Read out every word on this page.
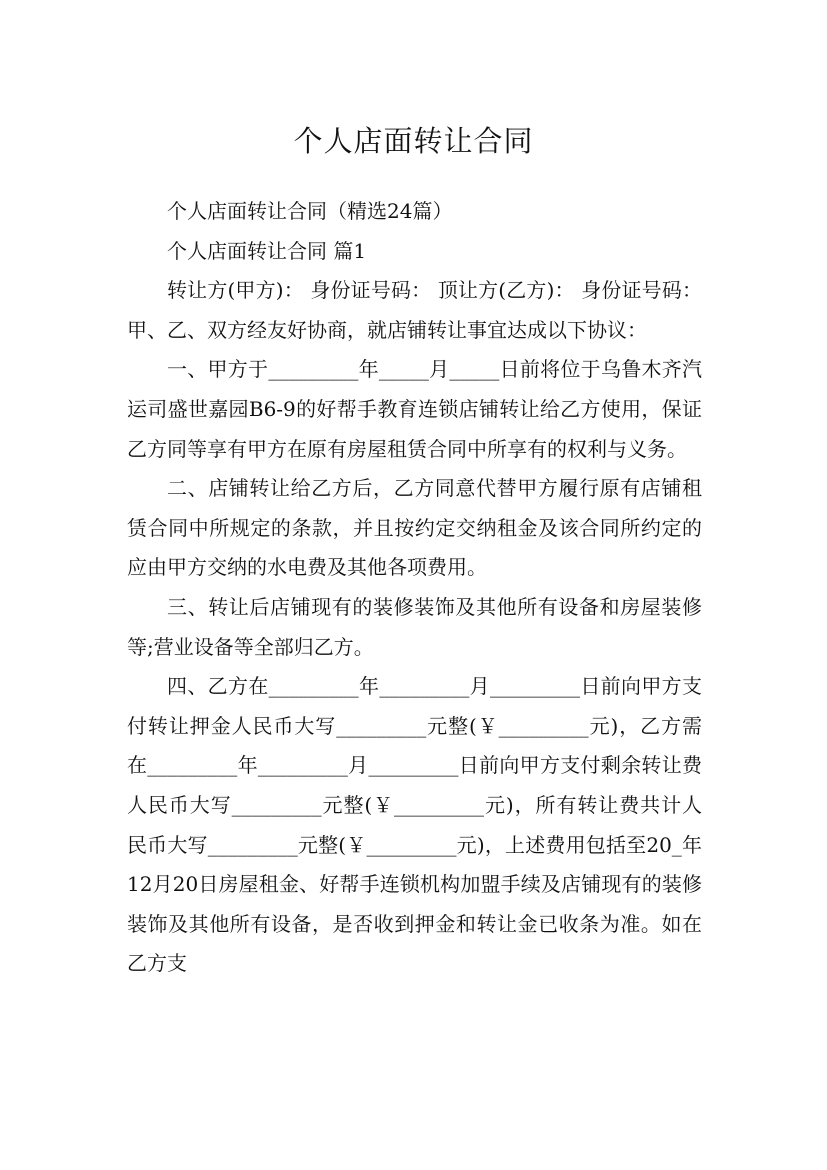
个人店面转让合同

个人店面转让合同（精选24篇）

个人店面转让合同 篇1

转让方(甲方)： 身份证号码： 顶让方(乙方)： 身份证号码： 甲、乙、双方经友好协商，就店铺转让事宜达成以下协议：

一、甲方于_________年_____月_____日前将位于乌鲁木齐汽运司盛世嘉园B6-9的好帮手教育连锁店铺转让给乙方使用，保证乙方同等享有甲方在原有房屋租赁合同中所享有的权利与义务。

二、店铺转让给乙方后，乙方同意代替甲方履行原有店铺租赁合同中所规定的条款，并且按约定交纳租金及该合同所约定的应由甲方交纳的水电费及其他各项费用。

三、转让后店铺现有的装修装饰及其他所有设备和房屋装修等;营业设备等全部归乙方。

四、乙方在_________年_________月_________日前向甲方支付转让押金人民币大写_________元整(￥_________元)，乙方需在_________年_________月_________日前向甲方支付剩余转让费人民币大写_________元整(￥_________元)，所有转让费共计人民币大写_________元整(￥_________元)，上述费用包括至20_年12月20日房屋租金、好帮手连锁机构加盟手续及店铺现有的装修装饰及其他所有设备，是否收到押金和转让金已收条为准。如在乙方支
